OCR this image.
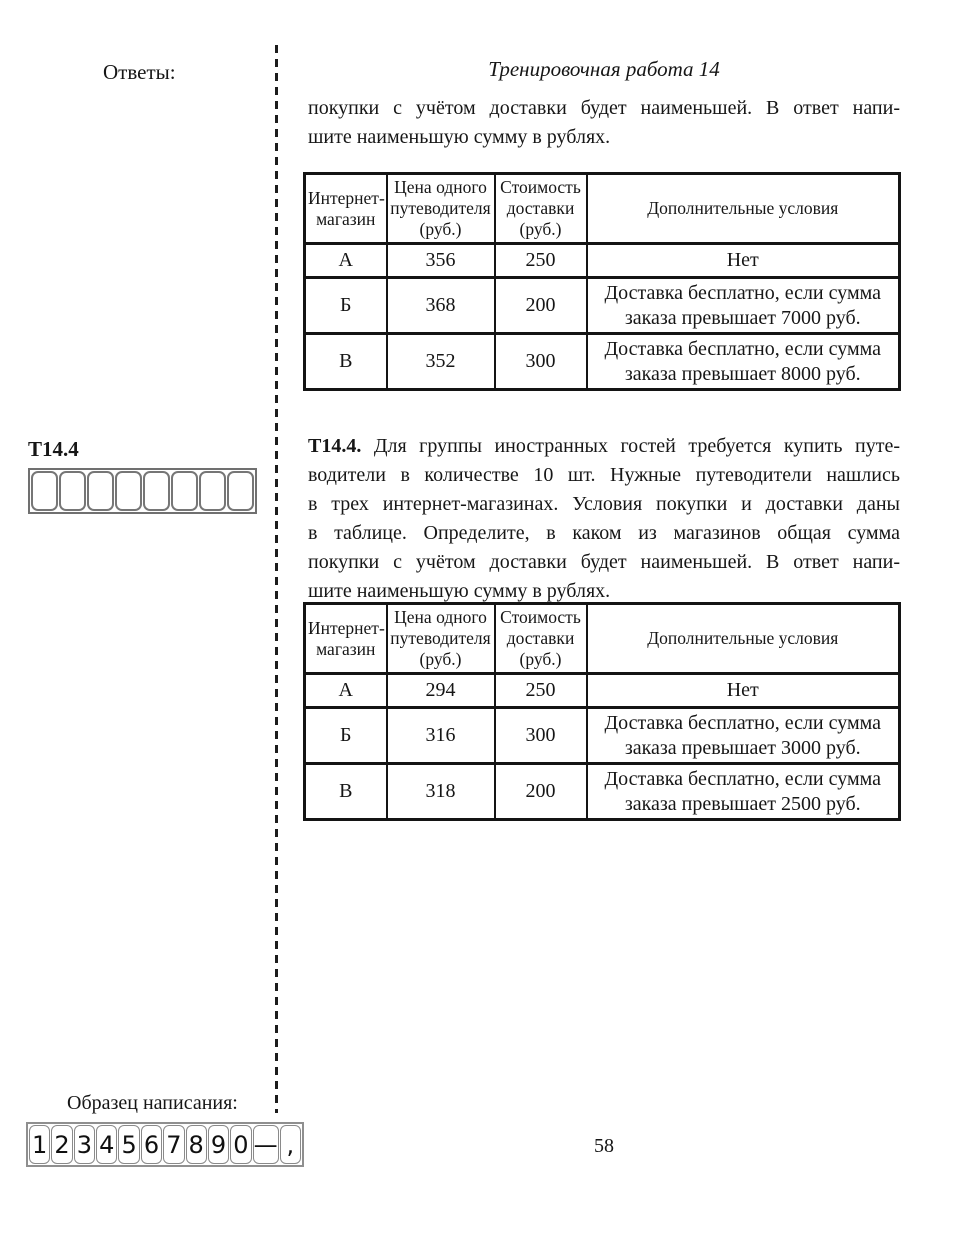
Ответы:	Тренировочная работа 14
покупки с учётом доставки будет наименьшей. В ответ напи-
шите наименьшую сумму в рублях.
Интернет-магазин	Цена одного путеводителя (руб.)	Стоимость доставки (руб.)	Дополнительные условия
А	356	250	Нет
Б	368	200	Доставка бесплатно, если сумма заказа превышает 7000 руб.
В	352	300	Доставка бесплатно, если сумма заказа превышает 8000 руб.
Т14.4	Т14.4. Для группы иностранных гостей требуется купить путе-
водители в количестве 10 шт. Нужные путеводители нашлись
в трех интернет-магазинах. Условия покупки и доставки даны
в таблице. Определите, в каком из магазинов общая сумма
покупки с учётом доставки будет наименьшей. В ответ напи-
шите наименьшую сумму в рублях.
Интернет-магазин	Цена одного путеводителя (руб.)	Стоимость доставки (руб.)	Дополнительные условия
А	294	250	Нет
Б	316	300	Доставка бесплатно, если сумма заказа превышает 3000 руб.
В	318	200	Доставка бесплатно, если сумма заказа превышает 2500 руб.
Образец написания:
1 2 3 4 5 6 7 8 9 0 — ,	58
